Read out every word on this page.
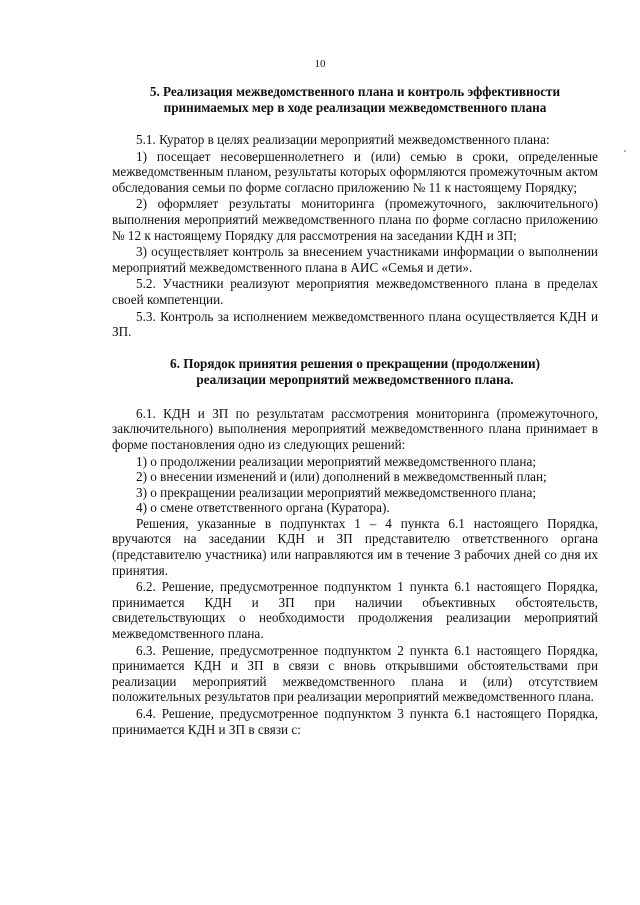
10
5. Реализация межведомственного плана и контроль эффективности
принимаемых мер в ходе реализации межведомственного плана

5.1. Куратор в целях реализации мероприятий межведомственного плана:

1) посещает несовершеннолетнего и (или) семью в сроки, определенные межведомственным планом, результаты которых оформляются промежуточным актом обследования семьи по форме согласно приложению № 11 к настоящему Порядку;

2) оформляет результаты мониторинга (промежуточного, заключительного) выполнения мероприятий межведомственного плана по форме согласно приложению № 12 к настоящему Порядку для рассмотрения на заседании КДН и ЗП;

3) осуществляет контроль за внесением участниками информации о выполнении мероприятий межведомственного плана в АИС «Семья и дети».

5.2. Участники реализуют мероприятия межведомственного плана в пределах своей компетенции.

5.3. Контроль за исполнением межведомственного плана осуществляется КДН и ЗП.

6. Порядок принятия решения о прекращении (продолжении)
реализации мероприятий межведомственного плана.

6.1. КДН и ЗП по результатам рассмотрения мониторинга (промежуточного, заключительного) выполнения мероприятий межведомственного плана принимает в форме постановления одно из следующих решений:

1) о продолжении реализации мероприятий межведомственного плана;

2) о внесении изменений и (или) дополнений в межведомственный план;

3) о прекращении реализации мероприятий межведомственного плана;

4) о смене ответственного органа (Куратора).

Решения, указанные в подпунктах 1 – 4 пункта 6.1 настоящего Порядка, вручаются на заседании КДН и ЗП представителю ответственного органа (представителю участника) или направляются им в течение 3 рабочих дней со дня их принятия.

6.2. Решение, предусмотренное подпунктом 1 пункта 6.1 настоящего Порядка, принимается КДН и ЗП при наличии объективных обстоятельств, свидетельствующих о необходимости продолжения реализации мероприятий межведомственного плана.

6.3. Решение, предусмотренное подпунктом 2 пункта 6.1 настоящего Порядка, принимается КДН и ЗП в связи с вновь открывшими обстоятельствами при реализации мероприятий межведомственного плана и (или) отсутствием положительных результатов при реализации мероприятий межведомственного плана.

6.4. Решение, предусмотренное подпунктом 3 пункта 6.1 настоящего Порядка, принимается КДН и ЗП в связи с:
